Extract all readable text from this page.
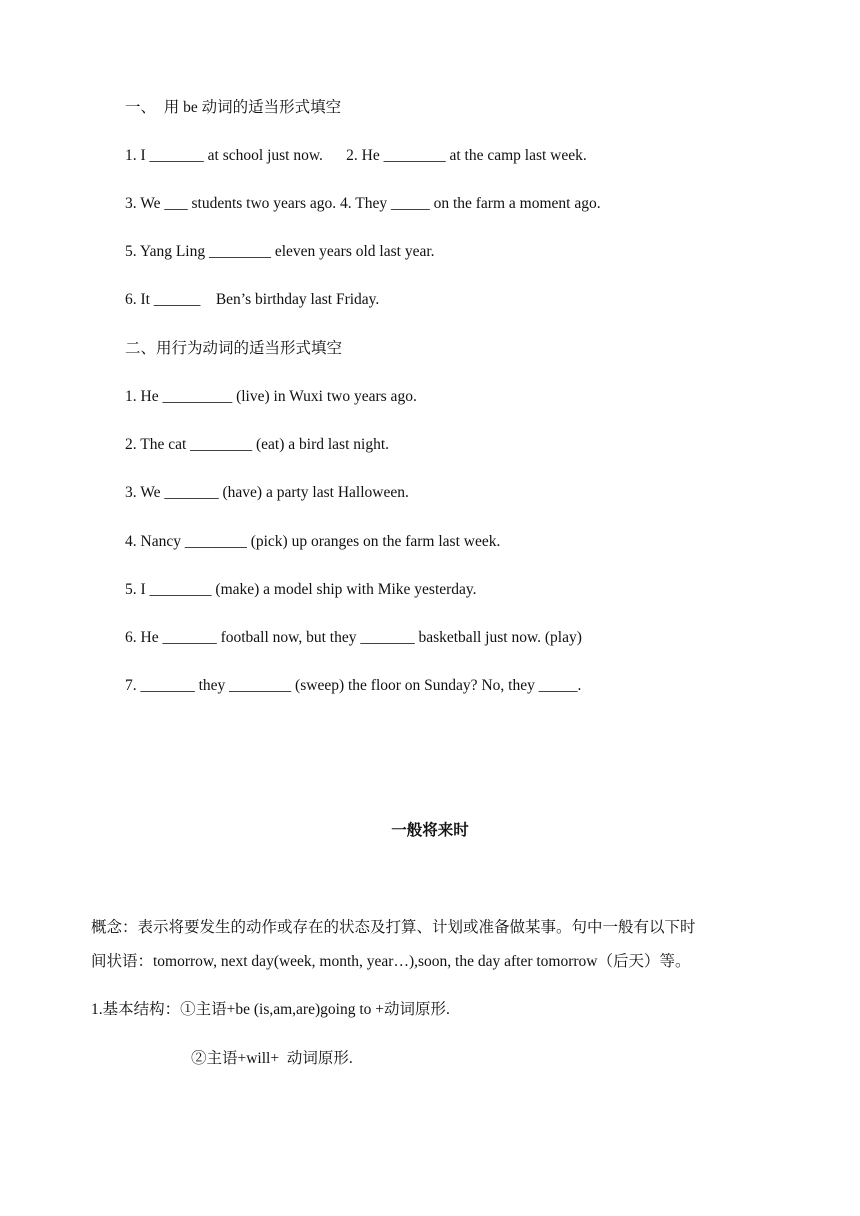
一、  用 be 动词的适当形式填空
1. I _______ at school just now.      2. He ________ at the camp last week.
3. We ___ students two years ago. 4. They _____ on the farm a moment ago.
5. Yang Ling ________ eleven years old last year.
6. It ______    Ben’s birthday last Friday.
二、用行为动词的适当形式填空
1. He _________ (live) in Wuxi two years ago.
2. The cat ________ (eat) a bird last night.
3. We _______ (have) a party last Halloween.
4. Nancy ________ (pick) up oranges on the farm last week.
5. I ________ (make) a model ship with Mike yesterday.
6. He _______ football now, but they _______ basketball just now. (play)
7. _______ they ________ (sweep) the floor on Sunday? No, they _____.
一般将来时
概念：表示将要发生的动作或存在的状态及打算、计划或准备做某事。句中一般有以下时
间状语：tomorrow, next day(week, month, year…),soon, the day after tomorrow（后天）等。
1.基本结构：①主语+be (is,am,are)going to +动词原形.
②主语+will+  动词原形.
